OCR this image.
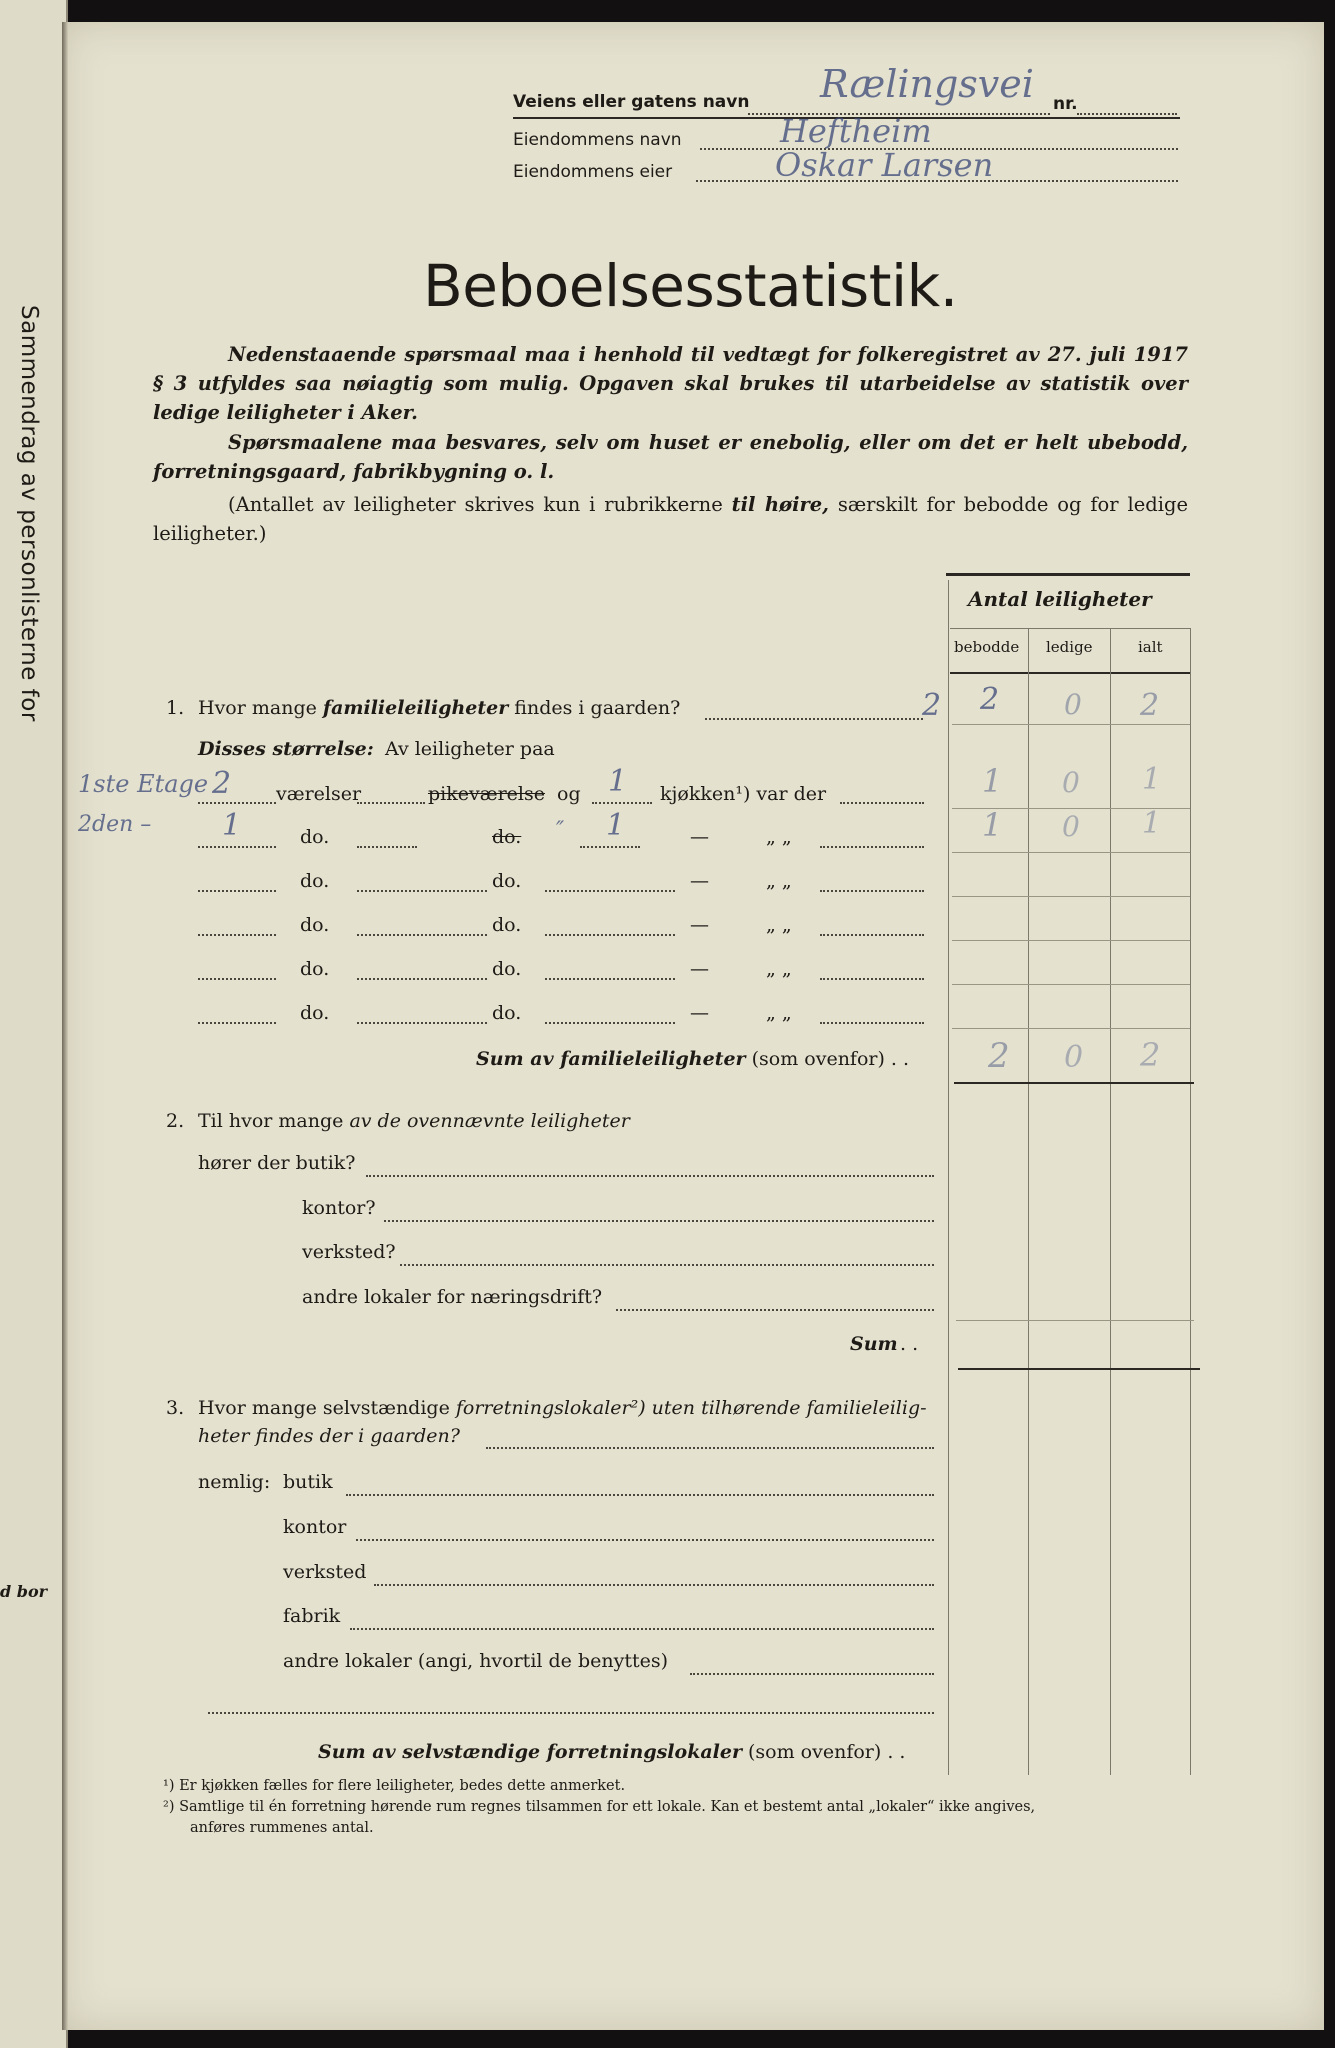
Sammendrag av personlisterne for
d bor
Veiens eller gatens navn Rælingsvei nr.
Eiendommens navn	Heftheim
Eiendommens eier	Oskar Larsen
Beboelsesstatistik.
Nedenstaaende spørsmaal maa i henhold til vedtægt for folkeregistret av 27. juli 1917 § 3 utfyldes saa nøiagtig som mulig. Opgaven skal brukes til utarbeidelse av statistik over ledige leiligheter i Aker.
Spørsmaalene maa besvares, selv om huset er enebolig, eller om det er helt ubebodd, forretningsgaard, fabrikbygning o. l.
(Antallet av leiligheter skrives kun i rubrikkerne til høire, særskilt for bebodde og for ledige leiligheter.)
Antal leiligheter
bebodde ledige	ialt
1. Hvor mange familieleiligheter findes i gaarden?	2 2 0 2
Disses størrelse: Av leiligheter paa
1ste Etage 2 værelser	pikeværelse og 1 kjøkken¹) var der	1 0 1
2den – 1	do.	do. ″ 1	—	„ „	1 0 1
do.	do.	—	„ „
do.	do.	—	„ „
do.	do.	—	„ „
do.	do.	—	„ „
Sum av familieleiligheter (som ovenfor) . . 2 0 2
2. Til hvor mange av de ovennævnte leiligheter
hører der butik?
kontor?
verksted?
andre lokaler for næringsdrift?
Sum . .
3. Hvor mange selvstændige forretningslokaler²) uten tilhørende familieleilig-
heter findes der i gaarden?
nemlig: butik
kontor
verksted
fabrik
andre lokaler (angi, hvortil de benyttes)
Sum av selvstændige forretningslokaler (som ovenfor) . .
¹) Er kjøkken fælles for flere leiligheter, bedes dette anmerket.
²) Samtlige til én forretning hørende rum regnes tilsammen for ett lokale. Kan et bestemt antal „lokaler“ ikke angives,
anføres rummenes antal.
